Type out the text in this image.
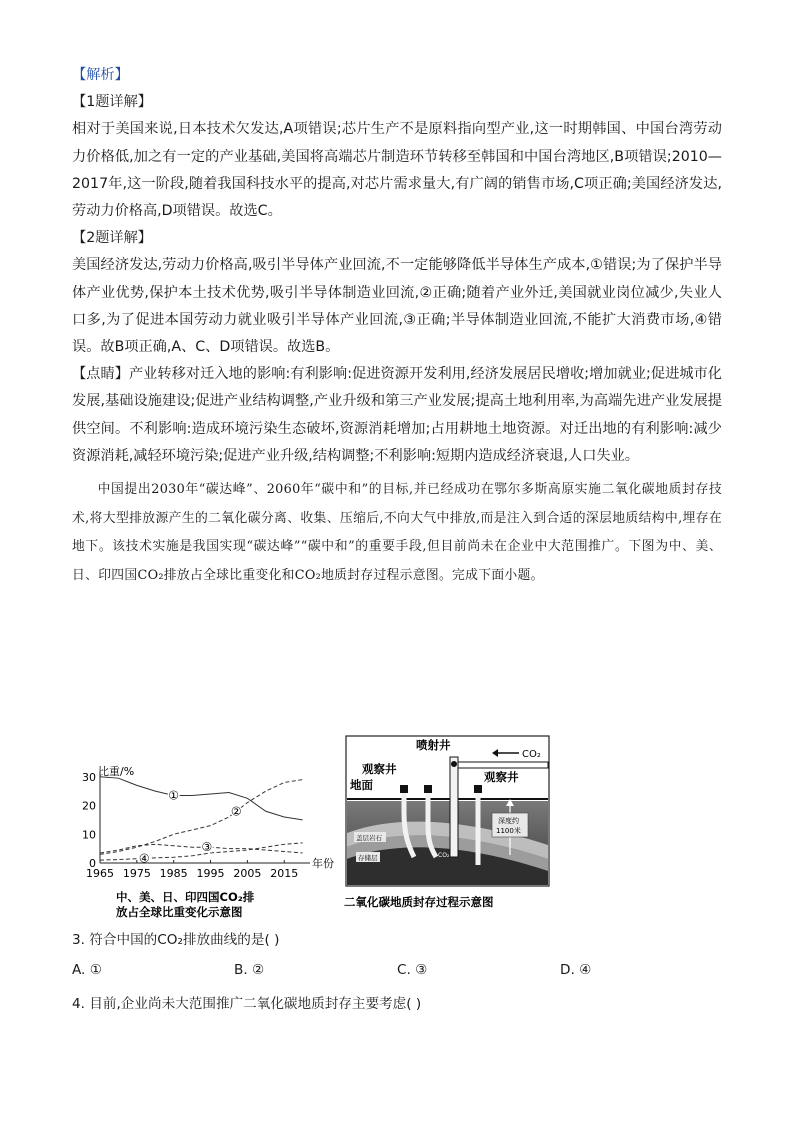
【解析】
【1题详解】

相对于美国来说,日本技术欠发达,A项错误;芯片生产不是原料指向型产业,这一时期韩国、中国台湾劳动力价格低,加之有一定的产业基础,美国将高端芯片制造环节转移至韩国和中国台湾地区,B项错误;2010—2017年,这一阶段,随着我国科技水平的提高,对芯片需求量大,有广阔的销售市场,C项正确;美国经济发达,劳动力价格高,D项错误。故选C。

【2题详解】

美国经济发达,劳动力价格高,吸引半导体产业回流,不一定能够降低半导体生产成本,①错误;为了保护半导体产业优势,保护本土技术优势,吸引半导体制造业回流,②正确;随着产业外迁,美国就业岗位减少,失业人口多,为了促进本国劳动力就业吸引半导体产业回流,③正确;半导体制造业回流,不能扩大消费市场,④错误。故B项正确,A、C、D项错误。故选B。

【点睛】产业转移对迁入地的影响:有利影响:促进资源开发利用,经济发展居民增收;增加就业;促进城市化发展,基础设施建设;促进产业结构调整,产业升级和第三产业发展;提高土地利用率,为高端先进产业发展提供空间。不利影响:造成环境污染生态破坏,资源消耗增加;占用耕地土地资源。对迁出地的有利影响:减少资源消耗,减轻环境污染;促进产业升级,结构调整;不利影响:短期内造成经济衰退,人口失业。

中国提出2030年“碳达峰”、2060年“碳中和”的目标,并已经成功在鄂尔多斯高原实施二氧化碳地质封存技术,将大型排放源产生的二氧化碳分离、收集、压缩后,不向大气中排放,而是注入到合适的深层地质结构中,埋存在地下。该技术实施是我国实现“碳达峰”“碳中和”的重要手段,但目前尚未在企业中大范围推广。下图为中、美、日、印四国CO₂排放占全球比重变化和CO₂地质封存过程示意图。完成下面小题。

比重/%
0
10
20
30
1965 1975 1985 1995 2005 2015
①
②
③
④	年份
中、美、日、印四国CO₂排
放占全球比重变化示意图
CO₂
喷射井
观察井
地面
观察井
深度约
1100米
盖层岩石
存储层	CO₂
二氧化碳地质封存过程示意图

3. 符合中国的CO₂排放曲线的是( )

A. ①	B. ②	C. ③	D. ④

4. 目前,企业尚未大范围推广二氧化碳地质封存主要考虑( )
